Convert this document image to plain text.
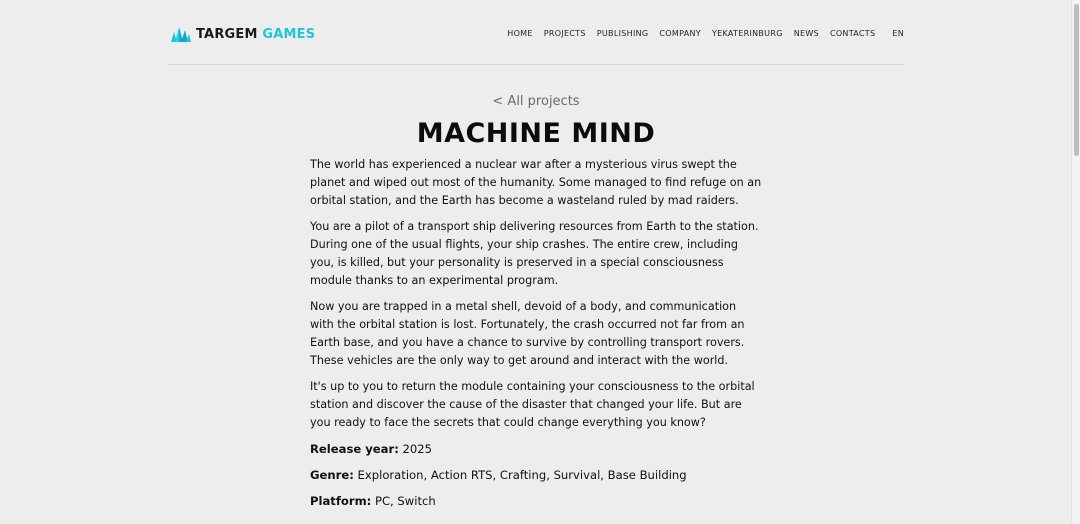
TARGEM GAMES	HOME PROJECTS PUBLISHING COMPANY YEKATERINBURG NEWS CONTACTS EN
< All projects
MACHINE MIND

The world has experienced a nuclear war after a mysterious virus swept the planet and wiped out most of the humanity. Some managed to find refuge on an orbital station, and the Earth has become a wasteland ruled by mad raiders.

You are a pilot of a transport ship delivering resources from Earth to the station. During one of the usual flights, your ship crashes. The entire crew, including you, is killed, but your personality is preserved in a special consciousness module thanks to an experimental program.

Now you are trapped in a metal shell, devoid of a body, and communication with the orbital station is lost. Fortunately, the crash occurred not far from an Earth base, and you have a chance to survive by controlling transport rovers. These vehicles are the only way to get around and interact with the world.

It's up to you to return the module containing your consciousness to the orbital station and discover the cause of the disaster that changed your life. But are you ready to face the secrets that could change everything you know?

Release year: 2025
Genre: Exploration, Action RTS, Crafting, Survival, Base Building
Platform: PC, Switch
